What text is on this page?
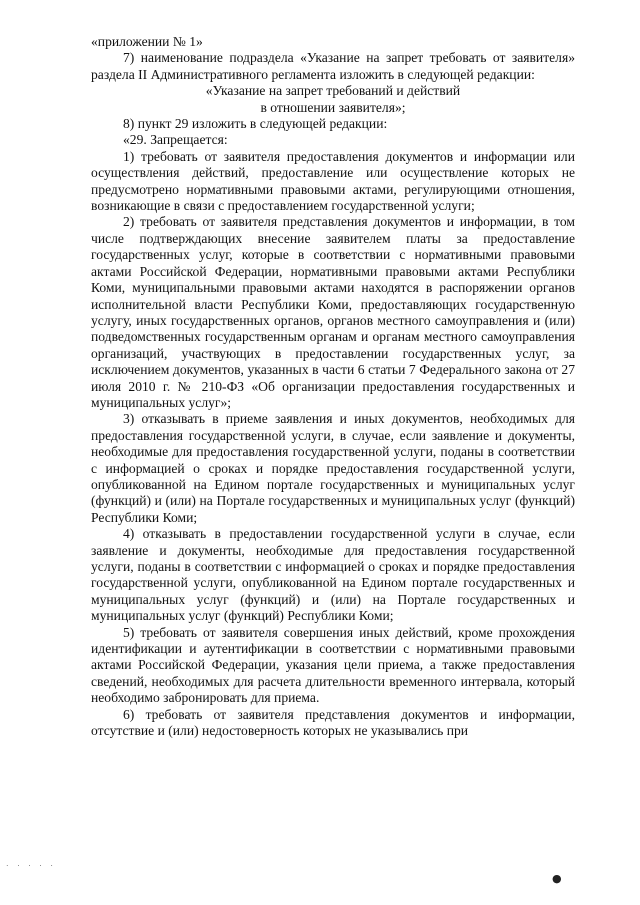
«приложении № 1»

7) наименование подраздела «Указание на запрет требовать от заявителя» раздела II Административного регламента изложить в следующей редакции:

«Указание на запрет требований и действий

в отношении заявителя»;

8) пункт 29 изложить в следующей редакции:

«29. Запрещается:

1) требовать от заявителя предоставления документов и информации или осуществления действий, предоставление или осуществление которых не предусмотрено нормативными правовыми актами, регулирующими отношения, возникающие в связи с предоставлением государственной услуги;

2) требовать от заявителя представления документов и информации, в том числе подтверждающих внесение заявителем платы за предоставление государственных услуг, которые в соответствии с нормативными правовыми актами Российской Федерации, нормативными правовыми актами Республики Коми, муниципальными правовыми актами находятся в распоряжении органов исполнительной власти Республики Коми, предоставляющих государственную услугу, иных государственных органов, органов местного самоуправления и (или) подведомственных государственным органам и органам местного самоуправления организаций, участвующих в предоставлении государственных услуг, за исключением документов, указанных в части 6 статьи 7 Федерального закона от 27 июля 2010 г. № 210-ФЗ «Об организации предоставления государственных и муниципальных услуг»;

3) отказывать в приеме заявления и иных документов, необходимых для предоставления государственной услуги, в случае, если заявление и документы, необходимые для предоставления государственной услуги, поданы в соответствии с информацией о сроках и порядке предоставления государственной услуги, опубликованной на Едином портале государственных и муниципальных услуг (функций) и (или) на Портале государственных и муниципальных услуг (функций) Республики Коми;

4) отказывать в предоставлении государственной услуги в случае, если заявление и документы, необходимые для предоставления государственной услуги, поданы в соответствии с информацией о сроках и порядке предоставления государственной услуги, опубликованной на Едином портале государственных и муниципальных услуг (функций) и (или) на Портале государственных и муниципальных услуг (функций) Республики Коми;

5) требовать от заявителя совершения иных действий, кроме прохождения идентификации и аутентификации в соответствии с нормативными правовыми актами Российской Федерации, указания цели приема, а также предоставления сведений, необходимых для расчета длительности временного интервала, который необходимо забронировать для приема.

6) требовать от заявителя представления документов и информации, отсутствие и (или) недостоверность которых не указывались при

. . . . .
●
